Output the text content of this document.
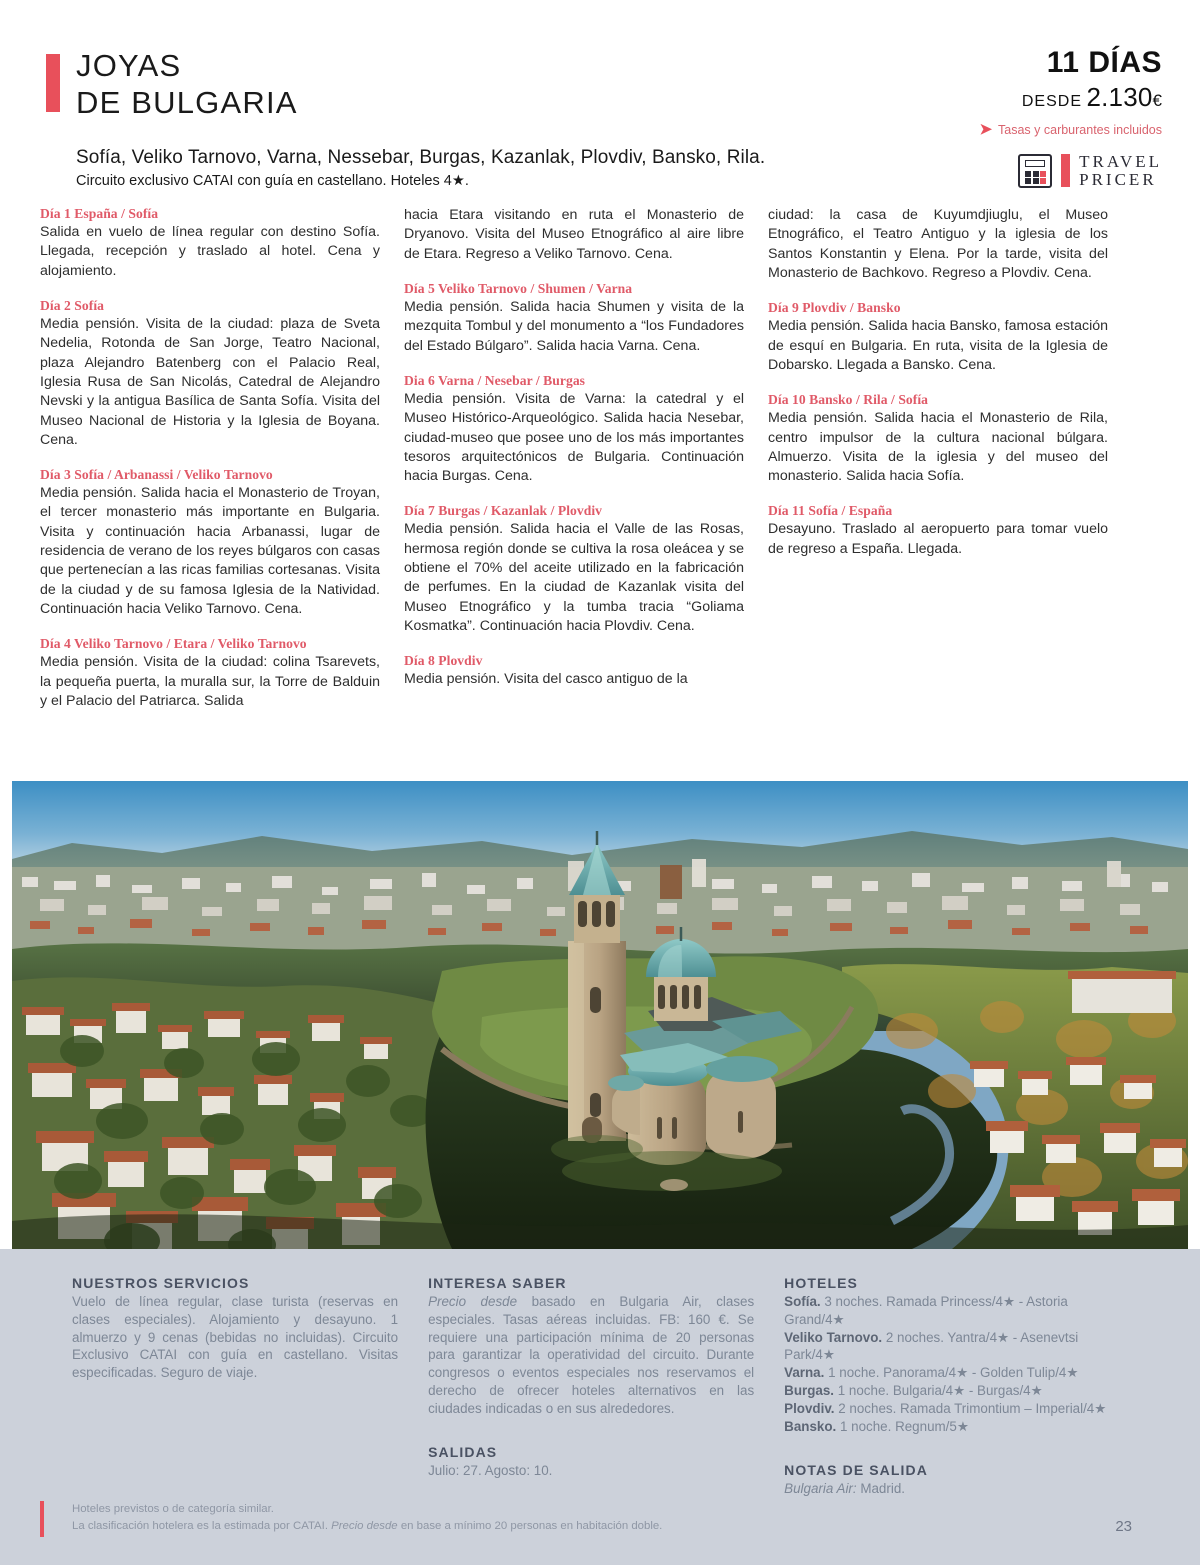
JOYAS
DE BULGARIA
Sofía, Veliko Tarnovo, Varna, Nessebar, Burgas, Kazanlak, Plovdiv, Bansko, Rila.
Circuito exclusivo CATAI con guía en castellano. Hoteles 4★.
11 DÍAS
DESDE 2.130€
➤ Tasas y carburantes incluidos
TRAVEL
PRICER
Día 1 España / Sofía
Salida en vuelo de línea regular con destino Sofía. Llegada, recepción y traslado al hotel. Cena y alojamiento.
Día 2 Sofía
Media pensión. Visita de la ciudad: plaza de Sveta Nedelia, Rotonda de San Jorge, Teatro Nacional, plaza Alejandro Batenberg con el Palacio Real, Iglesia Rusa de San Nicolás, Catedral de Alejandro Nevski y la antigua Basílica de Santa Sofía. Visita del Museo Nacional de Historia y la Iglesia de Boyana. Cena.
Día 3 Sofía / Arbanassi / Veliko Tarnovo
Media pensión. Salida hacia el Monasterio de Troyan, el tercer monasterio más importante en Bulgaria. Visita y continuación hacia Arbanassi, lugar de residencia de verano de los reyes búlgaros con casas que pertenecían a las ricas familias cortesanas. Visita de la ciudad y de su famosa Iglesia de la Natividad. Continuación hacia Veliko Tarnovo. Cena.
Día 4 Veliko Tarnovo / Etara / Veliko Tarnovo
Media pensión. Visita de la ciudad: colina Tsarevets, la pequeña puerta, la muralla sur, la Torre de Balduin y el Palacio del Patriarca. Salida
hacia Etara visitando en ruta el Monasterio de Dryanovo. Visita del Museo Etnográfico al aire libre de Etara. Regreso a Veliko Tarnovo. Cena.
Día 5 Veliko Tarnovo / Shumen / Varna
Media pensión. Salida hacia Shumen y visita de la mezquita Tombul y del monumento a “los Fundadores del Estado Búlgaro”. Salida hacia Varna. Cena.
Dia 6 Varna / Nesebar / Burgas
Media pensión. Visita de Varna: la catedral y el Museo Histórico-Arqueológico. Salida hacia Nesebar, ciudad-museo que posee uno de los más importantes tesoros arquitectónicos de Bulgaria. Continuación hacia Burgas. Cena.
Día 7 Burgas / Kazanlak / Plovdiv
Media pensión. Salida hacia el Valle de las Rosas, hermosa región donde se cultiva la rosa oleácea y se obtiene el 70% del aceite utilizado en la fabricación de perfumes. En la ciudad de Kazanlak visita del Museo Etnográfico y la tumba tracia “Goliama Kosmatka”. Continuación hacia Plovdiv. Cena.
Día 8 Plovdiv
Media pensión. Visita del casco antiguo de la
ciudad: la casa de Kuyumdjiuglu, el Museo Etnográfico, el Teatro Antiguo y la iglesia de los Santos Konstantin y Elena. Por la tarde, visita del Monasterio de Bachkovo. Regreso a Plovdiv. Cena.
Día 9 Plovdiv / Bansko
Media pensión. Salida hacia Bansko, famosa estación de esquí en Bulgaria. En ruta, visita de la Iglesia de Dobarsko. Llegada a Bansko. Cena.
Día 10 Bansko / Rila / Sofía
Media pensión. Salida hacia el Monasterio de Rila, centro impulsor de la cultura nacional búlgara. Almuerzo. Visita de la iglesia y del museo del monasterio. Salida hacia Sofía.
Día 11 Sofía / España
Desayuno. Traslado al aeropuerto para tomar vuelo de regreso a España. Llegada.
NUESTROS SERVICIOS
Vuelo de línea regular, clase turista (reservas en clases especiales). Alojamiento y desayuno. 1 almuerzo y 9 cenas (bebidas no incluidas). Circuito Exclusivo CATAI con guía en castellano. Visitas especificadas. Seguro de viaje.
INTERESA SABER
Precio desde basado en Bulgaria Air, clases especiales. Tasas aéreas incluidas. FB: 160 €. Se requiere una participación mínima de 20 personas para garantizar la operatividad del circuito. Durante congresos o eventos especiales nos reservamos el derecho de ofrecer hoteles alternativos en las ciudades indicadas o en sus alrededores.
SALIDAS
Julio: 27. Agosto: 10.
HOTELES
Sofía. 3 noches. Ramada Princess/4★ - Astoria Grand/4★
Veliko Tarnovo. 2 noches. Yantra/4★ - Asenevtsi Park/4★
Varna. 1 noche. Panorama/4★ - Golden Tulip/4★
Burgas. 1 noche. Bulgaria/4★ - Burgas/4★
Plovdiv. 2 noches. Ramada Trimontium – Imperial/4★
Bansko. 1 noche. Regnum/5★
NOTAS DE SALIDA
Bulgaria Air: Madrid.
Hoteles previstos o de categoría similar.
La clasificación hotelera es la estimada por CATAI. Precio desde en base a mínimo 20 personas en habitación doble.	23
